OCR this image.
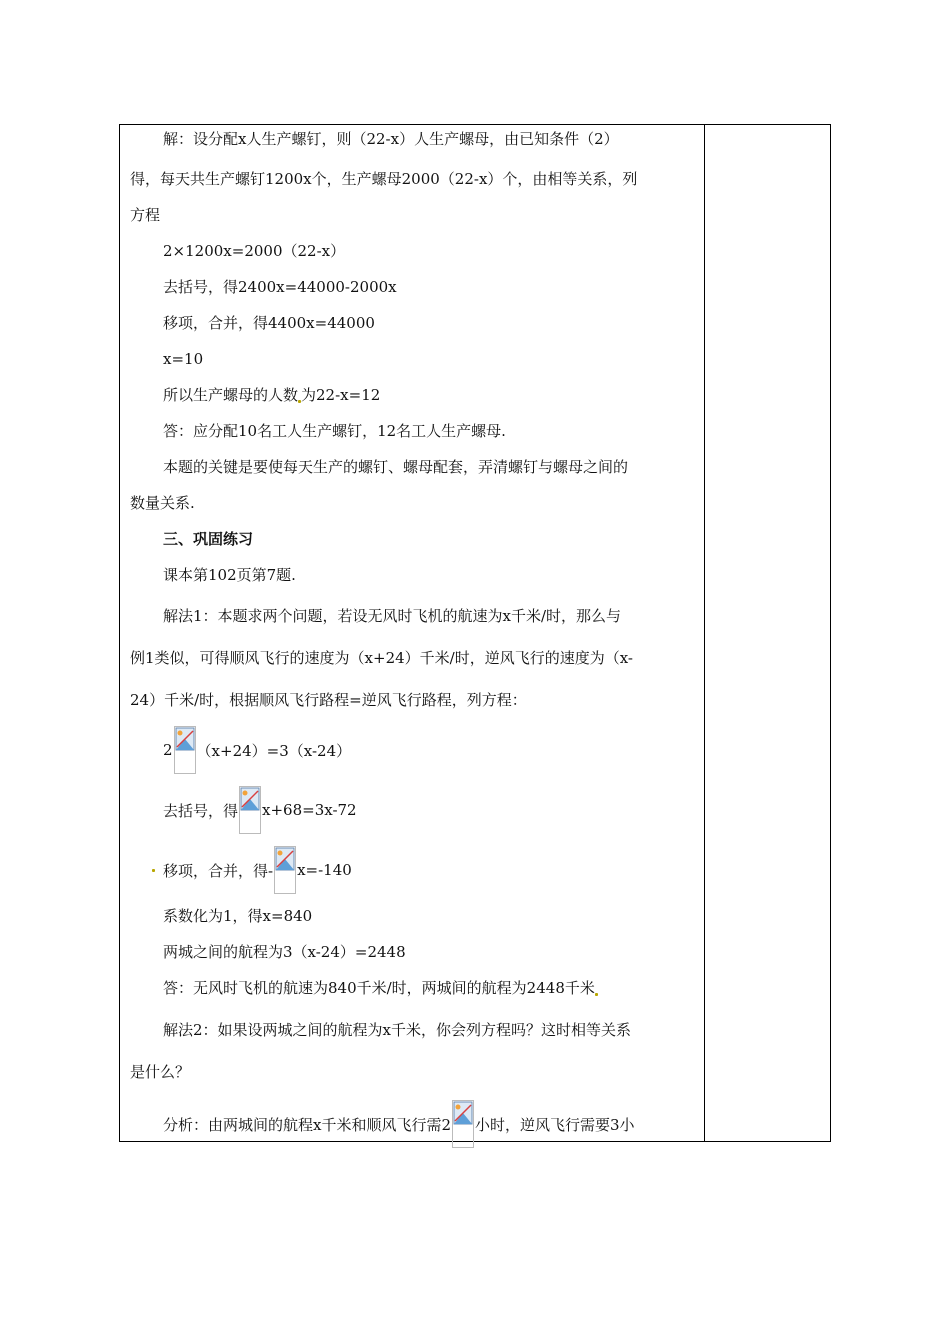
解：设分配x人生产螺钉，则（22-x）人生产螺母，由已知条件（2）
得，每天共生产螺钉1200x个，生产螺母2000（22-x）个，由相等关系，列
方程
2×1200x=2000（22-x）
去括号，得2400x=44000-2000x
移项，合并，得4400x=44000
x=10
所以生产螺母的人数 为22-x=12
答：应分配10名工人生产螺钉，12名工人生产螺母.
本题的关键是要使每天生产的螺钉、螺母配套，弄清螺钉与螺母之间的
数量关系.
三、巩固练习
课本第102页第7题.
解法1：本题求两个问题，若设无风时飞机的航速为x千米/时，那么与
例1类似，可得顺风飞行的速度为（x+24）千米/时，逆风飞行的速度为（x-
24）千米/时，根据顺风飞行路程=逆风飞行路程，列方程：
2 （x+24）=3（x-24）
去括号，得 x+68=3x-72
移项，合并，得- x=-140
系数化为1，得x=840
两城之间的航程为3（x-24）=2448
答：无风时飞机的航速为840千米/时，两城间的航程为2448千米
解法2：如果设两城之间的航程为x千米，你会列方程吗？这时相等关系
是什么？
分析：由两城间的航程x千米和顺风飞行需2 小时，逆风飞行需要3小
